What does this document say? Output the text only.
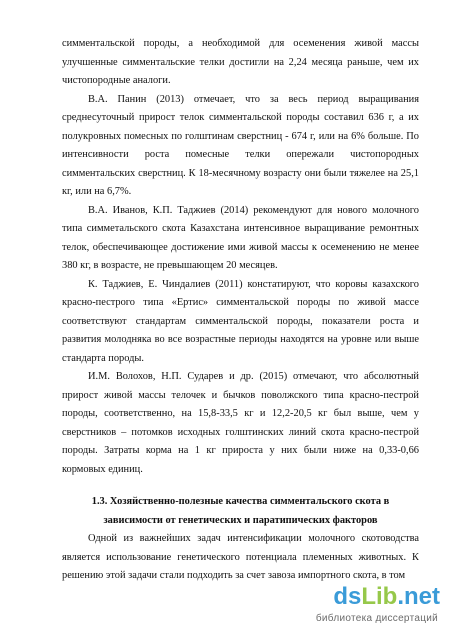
симментальской породы, а необходимой для осеменения живой массы улучшенные симментальские телки достигли на 2,24 месяца раньше, чем их чистопородные аналоги.

В.А. Панин (2013) отмечает, что за весь период выращивания среднесуточный прирост телок симментальской породы составил 636 г, а их полукровных помесных по голштинам сверстниц - 674 г, или на 6% больше. По интенсивности роста помесные телки опережали чистопородных симментальских сверстниц. К 18-месячному возрасту они были тяжелее на 25,1 кг, или на 6,7%.

В.А. Иванов, К.П. Таджиев (2014) рекомендуют для нового молочного типа симметальского скота Казахстана интенсивное выращивание ремонтных телок, обеспечивающее достижение ими живой массы к осеменению не менее 380 кг, в возрасте, не превышающем 20 месяцев.

К. Таджиев, Е. Чиндалиев (2011) констатируют, что коровы казахского красно-пестрого типа «Ертис» симментальской породы по живой массе соответствуют стандартам симментальской породы, показатели роста и развития молодняка во все возрастные периоды находятся на уровне или выше стандарта породы.

И.М. Волохов, Н.П. Сударев и др. (2015) отмечают, что абсолютный прирост живой массы телочек и бычков поволжского типа красно-пестрой породы, соответственно, на 15,8-33,5 кг и 12,2-20,5 кг был выше, чем у сверстников – потомков исходных голштинских линий скота красно-пестрой породы. Затраты корма на 1 кг прироста у них были ниже на 0,33-0,66 кормовых единиц.

1.3. Хозяйственно-полезные качества симментальского скота в
зависимости от генетических и паратипических факторов

Одной из важнейших задач интенсификации молочного скотоводства является использование генетического потенциала племенных животных. К решению этой задачи стали подходить за счет завоза импортного скота, в том

dsLib.net
библиотека диссертаций
